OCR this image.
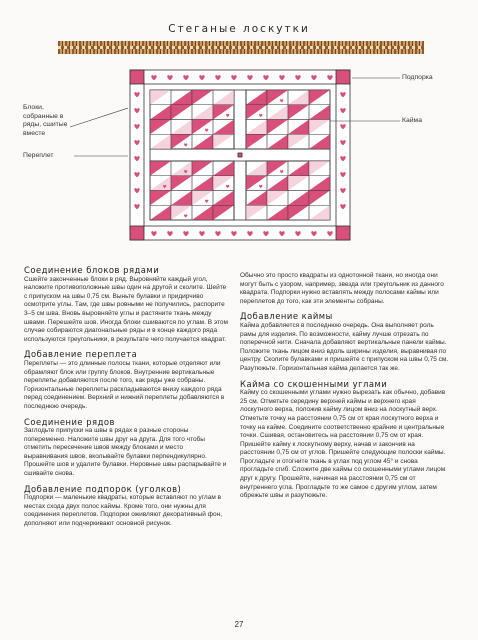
Стеганые лоскутки
Блоки, собранные в ряды, сшитые вместе
Переплет
Подпорка
Кайма
Соединение блоков рядами

Сшейте законченные блоки в ряд. Выровняйте каждый угол, наложите противоположные швы один на другой и сколите. Шейте с припуском на швы 0,75 см. Выньте булавки и придирчиво осмотрите углы. Там, где швы ровными не получились, распорите 3–5 см шва. Вновь выровняйте углы и растяните ткань между швами. Перешейте шов. Иногда блоки сшиваются по углам. В этом случае собираются диагональные ряды и в конце каждого ряда используются треугольники, в результате чего получается квадрат.

Добавление переплета

Переплеты — это длинные полосы ткани, которые отделяют или обрамляют блок или группу блоков. Внутренние вертикальные переплеты добавляются после того, как ряды уже собраны. Горизонтальные переплеты раскладываются внизу каждого ряда перед соединением. Верхний и нижний переплеты добавляются в последнюю очередь.

Соединение рядов

Заглодьте припуски на швы в рядах в разные стороны попеременно. Наложите швы друг на друга. Для того чтобы отметить пересечение швов между блоками и место выравнивания швов, вколывайте булавки перпендикулярно. Прошейте шов и удалите булавки. Неровные швы распарывайте и сшивайте снова.

Добавление подпорок (уголков)

Подпорки — маленькие квадраты, которые вставляют по углам в местах схода двух полос каймы. Кроме того, они нужны для соединения переплетов. Подпорки оживляют декоративный фон, дополняют или подчеркивают основной рисунок.

Обычно это просто квадраты из однотонной ткани, но иногда они могут быть с узором, например, звезда или треугольник из данного квадрата. Подпорки нужно вставлять между полосами каймы или переплетов до того, как эти элементы собраны.

Добавление каймы

Кайма добавляется в последнюю очередь. Она выполняет роль рамы для изделия. По возможности, кайму лучше отрезать по поперечной нити. Сначала добавляют вертикальные панели каймы. Положите ткань лицом вниз вдоль ширины изделия, выравнивая по центру. Сколите булавками и пришейте с припуском на швы 0,75 см. Разутюжьте. Горизонтальная кайма делается так же.

Кайма со скошенными углами

Кайму со скошенными углами нужно вырезать как обычно, добавив 25 см. Отметьте середину верхней каймы и верхнего края лоскутного верха, положив кайму лицом вниз на лоскутный верх. Отметьте точку на расстоянии 0,75 см от края лоскутного верха и точку на кайме. Соедините соответственно крайние и центральные точки. Сшивая, остановитесь на расстоянии 0,75 см от края. Пришейте кайму к лоскутному верху, начав и закончив на расстоянии 0,75 см от углов. Пришейте следующие полоски каймы. Прогладьте и отогните ткань в углах под углом 45° и снова прогладьте сгиб. Сложите две каймы со скошенными углами лицом друг к другу. Прошейте, начиная на расстоянии 0,75 см от внутреннего угла. Прогладьте то же самое с другим углом, затем обрежьте швы и разутюжьте.

27
